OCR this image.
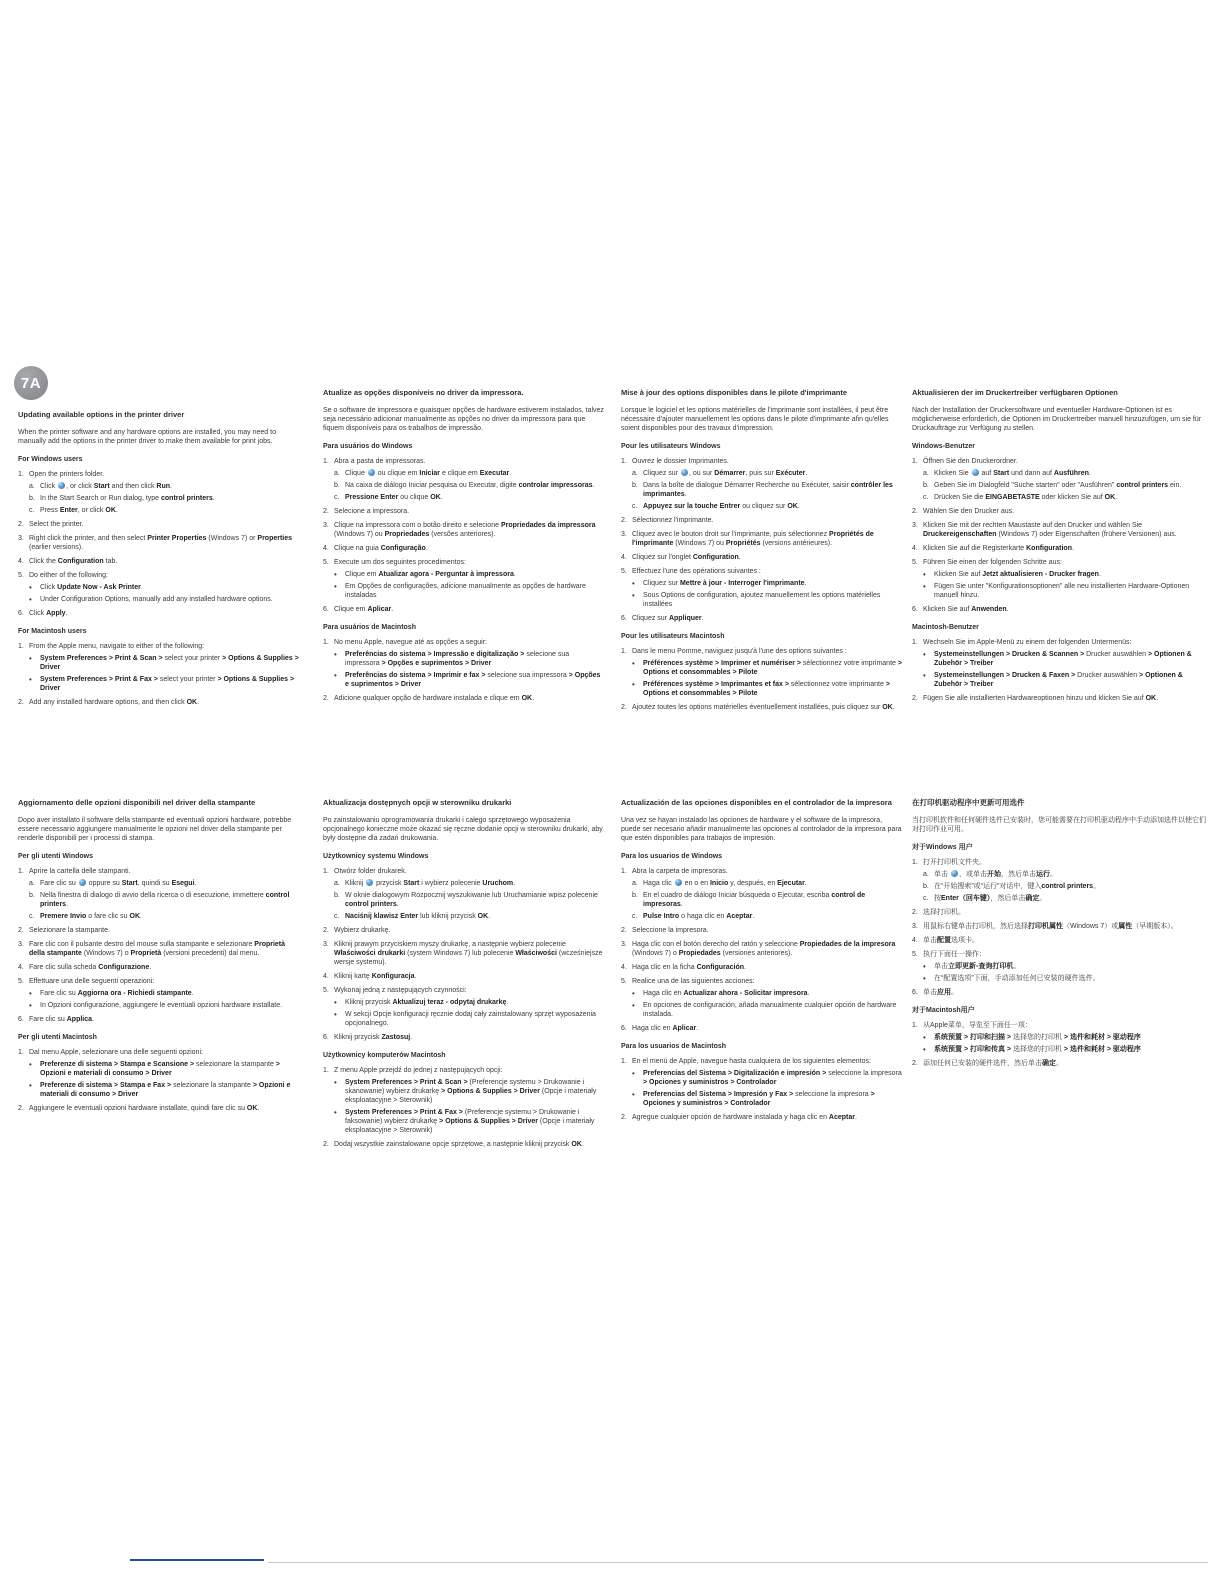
7A
Updating available options in the printer driver

When the printer software and any hardware options are installed, you may need to manually add the options in the printer driver to make them available for print jobs.

For Windows users
1. Open the printers folder.
a. Click , or click Start and then click Run.
b. In the Start Search or Run dialog, type control printers.
c. Press Enter, or click OK.
2. Select the printer.
3. Right click the printer, and then select Printer Properties (Windows 7) or Properties (earlier versions).
4. Click the Configuration tab.
5. Do either of the following:
• Click Update Now - Ask Printer.
• Under Configuration Options, manually add any installed hardware options.
6. Click Apply.
For Macintosh users
1. From the Apple menu, navigate to either of the following:
• System Preferences > Print & Scan > select your printer > Options & Supplies > Driver
• System Preferences > Print & Fax > select your printer > Options & Supplies > Driver
2. Add any installed hardware options, and then click OK.
Atualize as opções disponíveis no driver da impressora.

Se o software de impressora e quaisquer opções de hardware estiverem instalados, talvez seja necessário adicionar manualmente as opções no driver da impressora para que fiquem disponíveis para os trabalhos de impressão.

Para usuários do Windows
1. Abra a pasta de impressoras.
a. Clique  ou clique em Iniciar e clique em Executar.
b. Na caixa de diálogo Iniciar pesquisa ou Executar, digite controlar impressoras.
c. Pressione Enter ou clique OK.
2. Selecione a impressora.
3. Clique na impressora com o botão direito e selecione Propriedades da impressora (Windows 7) ou Propriedades (versões anteriores).
4. Clique na guia Configuração.
5. Execute um dos seguintes procedimentos:
• Clique em Atualizar agora - Perguntar à impressora.
• Em Opções de configurações, adicione manualmente as opções de hardware instaladas
6. Clique em Aplicar.
Para usuários de Macintosh
1. No menu Apple, navegue até as opções a seguir:
• Preferências do sistema > Impressão e digitalização > selecione sua impressora > Opções e suprimentos > Driver
• Preferências do sistema > Imprimir e fax > selecione sua impressora > Opções e suprimentos > Driver
2. Adicione qualquer opção de hardware instalada e clique em OK.
Mise à jour des options disponibles dans le pilote d'imprimante

Lorsque le logiciel et les options matérielles de l'imprimante sont installées, il peut être nécessaire d'ajouter manuellement les options dans le pilote d'imprimante afin qu'elles soient disponibles pour des travaux d'impression.

Pour les utilisateurs Windows
1. Ouvrez le dossier Imprimantes.
a. Cliquez sur , ou sur Démarrer, puis sur Exécuter.
b. Dans la boîte de dialogue Démarrer Recherche ou Exécuter, saisir contrôler les imprimantes.
c. Appuyez sur la touche Entrer ou cliquez sur OK.
2. Sélectionnez l'imprimante.
3. Cliquez avec le bouton droit sur l'imprimante, puis sélectionnez Propriétés de l'imprimante (Windows 7) ou Propriétés (versions antérieures).
4. Cliquez sur l'onglet Configuration.
5. Effectuez l'une des opérations suivantes :
• Cliquez sur Mettre à jour - Interroger l'imprimante.
• Sous Options de configuration, ajoutez manuellement les options matérielles installées
6. Cliquez sur Appliquer.
Pour les utilisateurs Macintosh
1. Dans le menu Pomme, naviguez jusqu'à l'une des options suivantes :
• Préférences système > Imprimer et numériser > sélectionnez votre imprimante > Options et consommables > Pilote
• Préférences système > Imprimantes et fax > sélectionnez votre imprimante > Options et consommables > Pilote
2. Ajoutez toutes les options matérielles éventuellement installées, puis cliquez sur OK.
Aktualisieren der im Druckertreiber verfügbaren Optionen

Nach der Installation der Druckersoftware und eventueller Hardware-Optionen ist es möglicherweise erforderlich, die Optionen im Druckertreiber manuell hinzuzufügen, um sie für Druckaufträge zur Verfügung zu stellen.

Windows-Benutzer
1. Öffnen Sie den Druckerordner.
a. Klicken Sie  auf Start und dann auf Ausführen.
b. Geben Sie im Dialogfeld "Suche starten" oder "Ausführen" control printers ein.
c. Drücken Sie die EINGABETASTE oder klicken Sie auf OK.
2. Wählen Sie den Drucker aus.
3. Klicken Sie mit der rechten Maustaste auf den Drucker und wählen Sie Druckereigenschaften (Windows 7) oder Eigenschaften (frühere Versionen) aus.
4. Klicken Sie auf die Registerkarte Konfiguration.
5. Führen Sie einen der folgenden Schritte aus:
• Klicken Sie auf Jetzt aktualisieren - Drucker fragen.
• Fügen Sie unter "Konfigurationsoptionen" alle neu installierten Hardware-Optionen manuell hinzu.
6. Klicken Sie auf Anwenden.
Macintosh-Benutzer
1. Wechseln Sie im Apple-Menü zu einem der folgenden Untermenüs:
• Systemeinstellungen > Drucken & Scannen > Drucker auswählen > Optionen & Zubehör > Treiber
• Systemeinstellungen > Drucken & Faxen > Drucker auswählen > Optionen & Zubehör > Treiber
2. Fügen Sie alle installierten Hardwareoptionen hinzu und klicken Sie auf OK.
Aggiornamento delle opzioni disponibili nel driver della stampante

Dopo aver installato il software della stampante ed eventuali opzioni hardware, potrebbe essere necessario aggiungere manualmente le opzioni nel driver della stampante per renderle disponibili per i processi di stampa.

Per gli utenti Windows
1. Aprire la cartella delle stampanti.
a. Fare clic su  oppure su Start, quindi su Esegui.
b. Nella finestra di dialogo di avvio della ricerca o di esecuzione, immettere control printers.
c. Premere Invio o fare clic su OK.
2. Selezionare la stampante.
3. Fare clic con il pulsante destro del mouse sulla stampante e selezionare Proprietà della stampante (Windows 7) o Proprietà (versioni precedenti) dal menu.
4. Fare clic sulla scheda Configurazione.
5. Effettuare una delle seguenti operazioni:
• Fare clic su Aggiorna ora - Richiedi stampante.
• In Opzioni configurazione, aggiungere le eventuali opzioni hardware installate.
6. Fare clic su Applica.
Per gli utenti Macintosh
1. Dal menu Apple, selezionare una delle seguenti opzioni:
• Preferenze di sistema > Stampa e Scansione > selezionare la stampante > Opzioni e materiali di consumo > Driver
• Preferenze di sistema > Stampa e Fax > selezionare la stampante > Opzioni e materiali di consumo > Driver
2. Aggiungere le eventuali opzioni hardware installate, quindi fare clic su OK.
Aktualizacja dostępnych opcji w sterowniku drukarki

Po zainstalowaniu oprogramowania drukarki i całego sprzętowego wyposażenia opcjonalnego konieczne może okazać się ręczne dodanie opcji w sterowniku drukarki, aby były dostępne dla zadań drukowania.

Użytkownicy systemu Windows
1. Otwórz folder drukarek.
a. Kliknij  przycisk Start i wybierz polecenie Uruchom.
b. W oknie dialogowym Rozpocznij wyszukiwanie lub Uruchamianie wpisz polecenie control printers.
c. Naciśnij klawisz Enter lub kliknij przycisk OK.
2. Wybierz drukarkę.
3. Kliknij prawym przyciskiem myszy drukarkę, a następnie wybierz polecenie Właściwości drukarki (system Windows 7) lub polecenie Właściwości (wcześniejsze wersje systemu).
4. Kliknij kartę Konfiguracja.
5. Wykonaj jedną z następujących czynności:
• Kliknij przycisk Aktualizuj teraz - odpytaj drukarkę.
• W sekcji Opcje konfiguracji ręcznie dodaj cały zainstalowany sprzęt wyposażenia opcjonalnego.
6. Kliknij przycisk Zastosuj.
Użytkownicy komputerów Macintosh
1. Z menu Apple przejdź do jednej z następujących opcji:
• System Preferences > Print & Scan > (Preferencje systemu > Drukowanie i skanowanie) wybierz drukarkę > Options & Supplies > Driver (Opcje i materiały eksploatacyjne > Sterownik)
• System Preferences > Print & Fax > (Preferencje systemu > Drukowanie i faksowanie) wybierz drukarkę > Options & Supplies > Driver (Opcje i materiały eksploatacyjne > Sterownik)
2. Dodaj wszystkie zainstalowane opcje sprzętowe, a następnie kliknij przycisk OK.
Actualización de las opciones disponibles en el controlador de la impresora

Una vez se hayan instalado las opciones de hardware y el software de la impresora, puede ser necesario añadir manualmente las opciones al controlador de la impresora para que estén disponibles para trabajos de impresión.

Para los usuarios de Windows
1. Abra la carpeta de impresoras.
a. Haga clic  en o en Inicio y, después, en Ejecutar.
b. En el cuadro de diálogo Iniciar búsqueda o Ejecutar, escriba control de impresoras.
c. Pulse Intro o haga clic en Aceptar.
2. Seleccione la impresora.
3. Haga clic con el botón derecho del ratón y seleccione Propiedades de la impresora (Windows 7) o Propiedades (versiones anteriores).
4. Haga clic en la ficha Configuración.
5. Realice una de las siguientes acciones:
• Haga clic en Actualizar ahora - Solicitar impresora.
• En opciones de configuración, añada manualmente cualquier opción de hardware instalada.
6. Haga clic en Aplicar.
Para los usuarios de Macintosh
1. En el menú de Apple, navegue hasta cualquiera de los siguientes elementos:
• Preferencias del Sistema > Digitalización e impresión > seleccione la impresora > Opciones y suministros > Controlador
• Preferencias del Sistema > Impresión y Fax > seleccione la impresora > Opciones y suministros > Controlador
2. Agregue cualquier opción de hardware instalada y haga clic en Aceptar.
在打印机驱动程序中更新可用选件

当打印机软件和任何硬件选件已安装时，您可能需要在打印机驱动程序中手动添加选件以使它们对打印作业可用。

对于Windows 用户
1. 打开打印机文件夹。
a. 单击 ，或单击开始，然后单击运行。
b. 在“开始搜索”或“运行”对话中，键入control printers。
c. 按Enter（回车键），然后单击确定。
2. 选择打印机。
3. 用鼠标右键单击打印机，然后选择打印机属性（Windows 7）或属性（早期版本）。
4. 单击配置选项卡。
5. 执行下面任一操作：
• 单击立即更新-查询打印机。
• 在“配置选项”下面，手动添加任何已安装的硬件选件。
6. 单击应用。
对于Macintosh用户
1. 从Apple菜单，导览至下面任一项：
• 系统预置 > 打印和扫描 > 选择您的打印机 > 选件和耗材 > 驱动程序
• 系统预置 > 打印和传真 > 选择您的打印机 > 选件和耗材 > 驱动程序
2. 添加任何已安装的硬件选件，然后单击确定。
